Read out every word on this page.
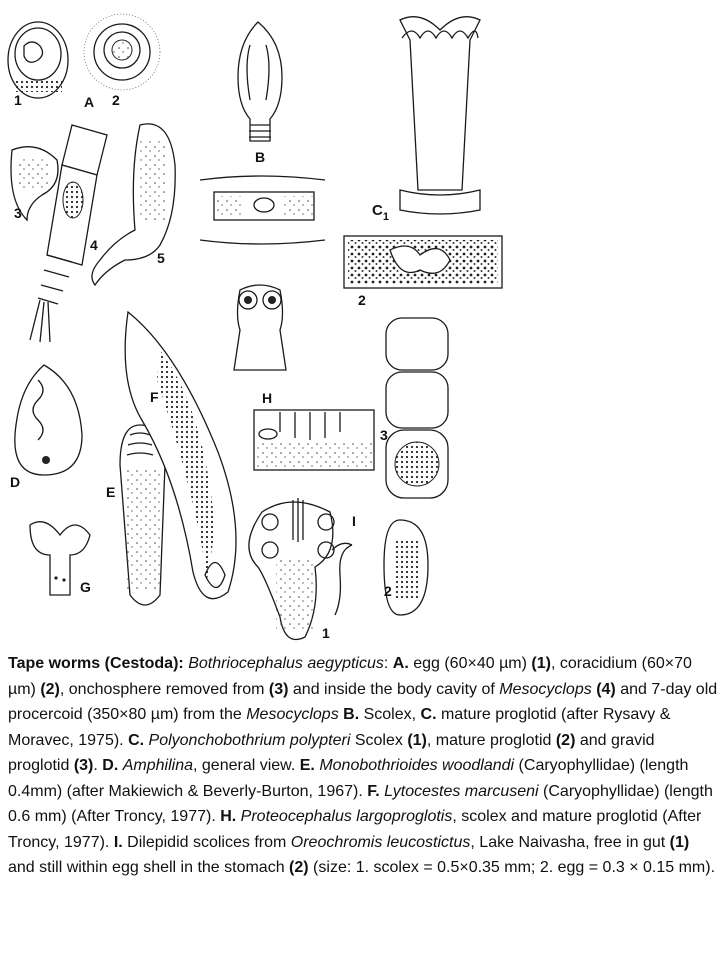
1	A 2
B
$C_1$
2
3
3
4
5
F	H
D
E
I
G	2
1

Tape worms (Cestoda): Bothriocephalus aegypticus: A. egg (60×40 µm) (1), coracidium (60×70 µm) (2), onchosphere removed from (3) and inside the body cavity of Mesocyclops (4) and 7-day old procercoid (350×80 µm) from the Mesocyclops B. Scolex, C. mature proglotid (after Rysavy & Moravec, 1975). C. Polyonchobothrium polypteri Scolex (1), mature proglotid (2) and gravid proglotid (3). D. Amphilina, general view. E. Monobothrioides woodlandi (Caryophyllidae) (length 0.4mm) (after Makiewich & Beverly-Burton, 1967). F. Lytocestes marcuseni (Caryophyllidae) (length 0.6 mm) (After Troncy, 1977). H. Proteocephalus largoproglotis, scolex and mature proglotid (After Troncy, 1977). I. Dilepidid scolices from Oreochromis leucostictus, Lake Naivasha, free in gut (1) and still within egg shell in the stomach (2) (size: 1. scolex = 0.5×0.35 mm; 2. egg = 0.3 × 0.15 mm).
